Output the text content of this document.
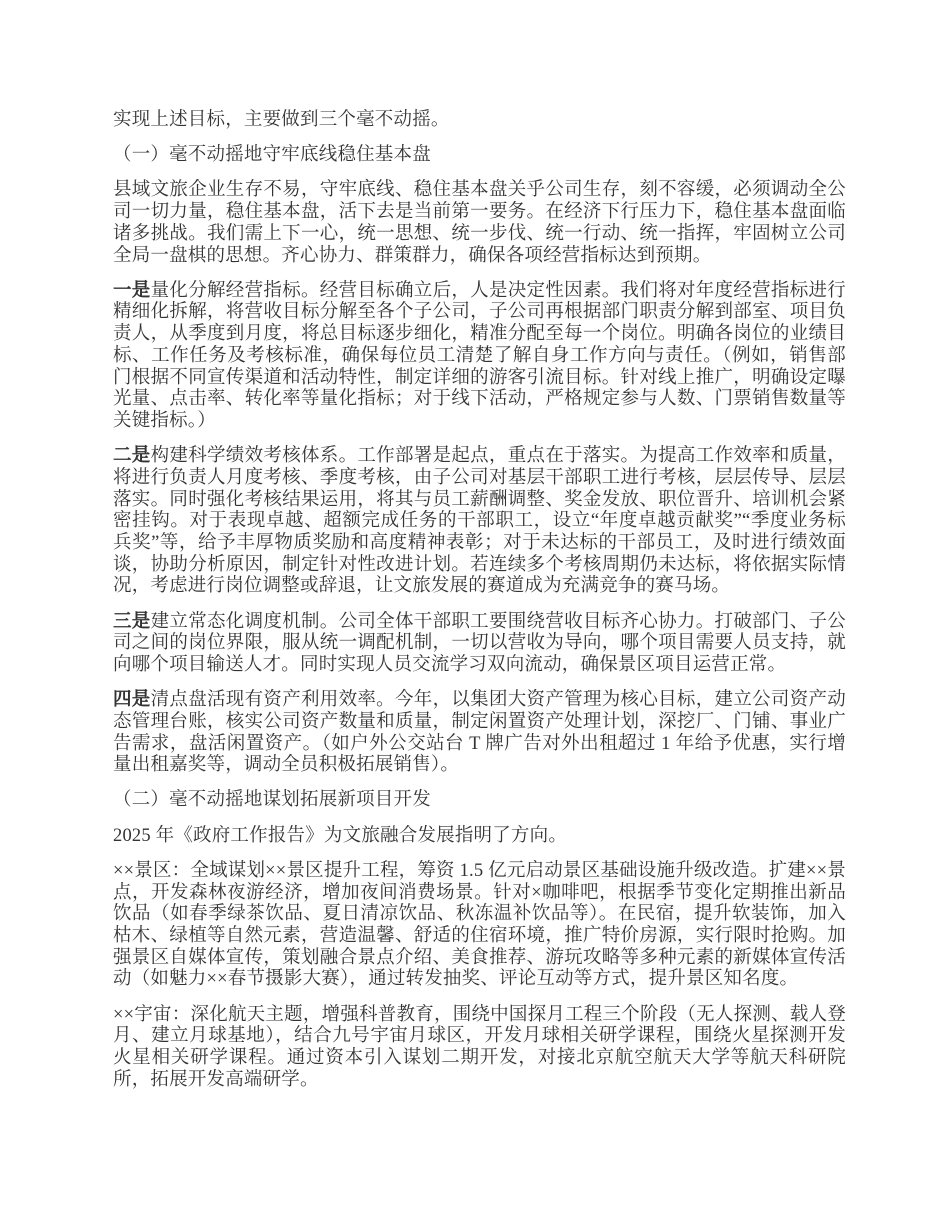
实现上述目标，主要做到三个毫不动摇。

（一）毫不动摇地守牢底线稳住基本盘

县域文旅企业生存不易，守牢底线、稳住基本盘关乎公司生存，刻不容缓，必须调动全公司一切力量，稳住基本盘，活下去是当前第一要务。在经济下行压力下，稳住基本盘面临诸多挑战。我们需上下一心，统一思想、统一步伐、统一行动、统一指挥，牢固树立公司全局一盘棋的思想。齐心协力、群策群力，确保各项经营指标达到预期。

一是量化分解经营指标。经营目标确立后，人是决定性因素。我们将对年度经营指标进行精细化拆解，将营收目标分解至各个子公司，子公司再根据部门职责分解到部室、项目负责人，从季度到月度，将总目标逐步细化，精准分配至每一个岗位。明确各岗位的业绩目标、工作任务及考核标准，确保每位员工清楚了解自身工作方向与责任。（例如，销售部门根据不同宣传渠道和活动特性，制定详细的游客引流目标。针对线上推广，明确设定曝光量、点击率、转化率等量化指标；对于线下活动，严格规定参与人数、门票销售数量等关键指标。）

二是构建科学绩效考核体系。工作部署是起点，重点在于落实。为提高工作效率和质量，将进行负责人月度考核、季度考核，由子公司对基层干部职工进行考核，层层传导、层层落实。同时强化考核结果运用，将其与员工薪酬调整、奖金发放、职位晋升、培训机会紧密挂钩。对于表现卓越、超额完成任务的干部职工，设立“年度卓越贡献奖”“季度业务标兵奖”等，给予丰厚物质奖励和高度精神表彰；对于未达标的干部员工，及时进行绩效面谈，协助分析原因，制定针对性改进计划。若连续多个考核周期仍未达标，将依据实际情况，考虑进行岗位调整或辞退，让文旅发展的赛道成为充满竞争的赛马场。

三是建立常态化调度机制。公司全体干部职工要围绕营收目标齐心协力。打破部门、子公司之间的岗位界限，服从统一调配机制，一切以营收为导向，哪个项目需要人员支持，就向哪个项目输送人才。同时实现人员交流学习双向流动，确保景区项目运营正常。

四是清点盘活现有资产利用效率。今年，以集团大资产管理为核心目标，建立公司资产动态管理台账，核实公司资产数量和质量，制定闲置资产处理计划，深挖厂、门铺、事业广告需求，盘活闲置资产。（如户外公交站台 T 牌广告对外出租超过 1 年给予优惠，实行增量出租嘉奖等，调动全员积极拓展销售）。

（二）毫不动摇地谋划拓展新项目开发

2025 年《政府工作报告》为文旅融合发展指明了方向。

××景区：全域谋划××景区提升工程，筹资 1.5 亿元启动景区基础设施升级改造。扩建××景点，开发森林夜游经济，增加夜间消费场景。针对×咖啡吧，根据季节变化定期推出新品饮品（如春季绿茶饮品、夏日清凉饮品、秋冻温补饮品等）。在民宿，提升软装饰，加入枯木、绿植等自然元素，营造温馨、舒适的住宿环境，推广特价房源，实行限时抢购。加强景区自媒体宣传，策划融合景点介绍、美食推荐、游玩攻略等多种元素的新媒体宣传活动（如魅力××春节摄影大赛），通过转发抽奖、评论互动等方式，提升景区知名度。

××宇宙：深化航天主题，增强科普教育，围绕中国探月工程三个阶段（无人探测、载人登月、建立月球基地），结合九号宇宙月球区，开发月球相关研学课程，围绕火星探测开发火星相关研学课程。通过资本引入谋划二期开发，对接北京航空航天大学等航天科研院所，拓展开发高端研学。
